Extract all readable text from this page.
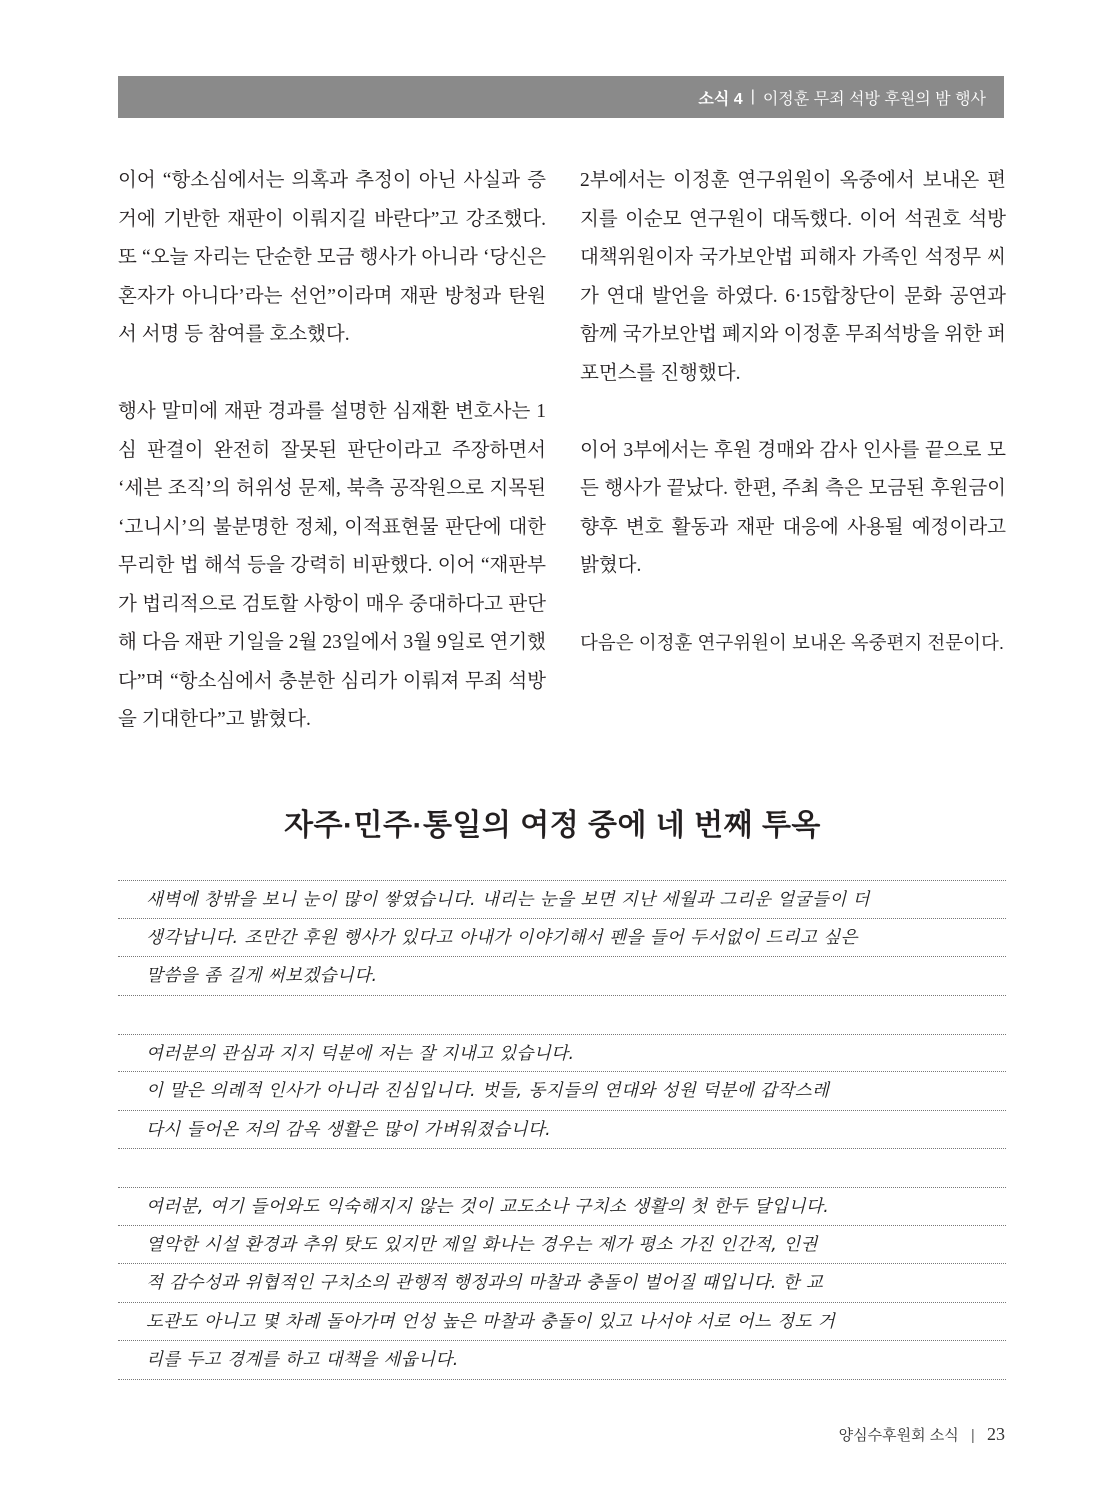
소식 4 | 이정훈 무죄 석방 후원의 밤 행사

이어 “항소심에서는 의혹과 추정이 아닌 사실과 증거에 기반한 재판이 이뤄지길 바란다”고 강조했다. 또 “오늘 자리는 단순한 모금 행사가 아니라 ‘당신은 혼자가 아니다’라는 선언”이라며 재판 방청과 탄원서 서명 등 참여를 호소했다.

행사 말미에 재판 경과를 설명한 심재환 변호사는 1심 판결이 완전히 잘못된 판단이라고 주장하면서 ‘세븐 조직’의 허위성 문제, 북측 공작원으로 지목된 ‘고니시’의 불분명한 정체, 이적표현물 판단에 대한 무리한 법 해석 등을 강력히 비판했다. 이어 “재판부가 법리적으로 검토할 사항이 매우 중대하다고 판단해 다음 재판 기일을 2월 23일에서 3월 9일로 연기했다”며 “항소심에서 충분한 심리가 이뤄져 무죄 석방을 기대한다”고 밝혔다.

2부에서는 이정훈 연구위원이 옥중에서 보내온 편지를 이순모 연구원이 대독했다. 이어 석권호 석방대책위원이자 국가보안법 피해자 가족인 석정무 씨가 연대 발언을 하였다. 6·15합창단이 문화 공연과 함께 국가보안법 폐지와 이정훈 무죄석방을 위한 퍼포먼스를 진행했다.

이어 3부에서는 후원 경매와 감사 인사를 끝으로 모든 행사가 끝났다. 한편, 주최 측은 모금된 후원금이 향후 변호 활동과 재판 대응에 사용될 예정이라고 밝혔다.

다음은 이정훈 연구위원이 보내온 옥중편지 전문이다.

자주·민주·통일의 여정 중에 네 번째 투옥
새벽에 창밖을 보니 눈이 많이 쌓였습니다. 내리는 눈을 보면 지난 세월과 그리운 얼굴들이 더
생각납니다. 조만간 후원 행사가 있다고 아내가 이야기해서 펜을 들어 두서없이 드리고 싶은
말씀을 좀 길게 써보겠습니다.
여러분의 관심과 지지 덕분에 저는 잘 지내고 있습니다.
이 말은 의례적 인사가 아니라 진심입니다. 벗들, 동지들의 연대와 성원 덕분에 갑작스레
다시 들어온 저의 감옥 생활은 많이 가벼워졌습니다.
여러분, 여기 들어와도 익숙해지지 않는 것이 교도소나 구치소 생활의 첫 한두 달입니다.
열악한 시설 환경과 추위 탓도 있지만 제일 화나는 경우는 제가 평소 가진 인간적, 인권
적 감수성과 위협적인 구치소의 관행적 행정과의 마찰과 충돌이 벌어질 때입니다. 한 교
도관도 아니고 몇 차례 돌아가며 언성 높은 마찰과 충돌이 있고 나서야 서로 어느 정도 거
리를 두고 경계를 하고 대책을 세웁니다.
양심수후원회 소식 | 23
